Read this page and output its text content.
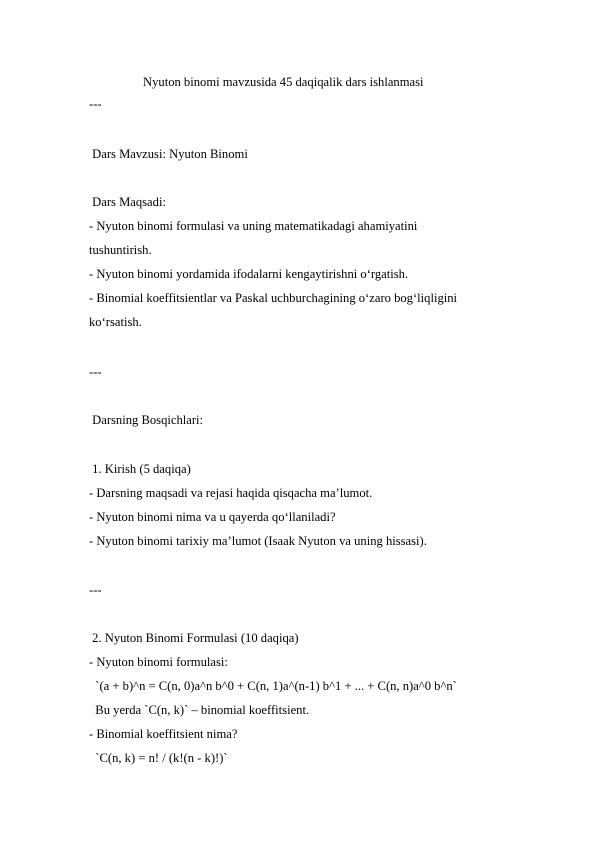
Nyuton binomi mavzusida 45 daqiqalik dars ishlanmasi
---
Dars Mavzusi: Nyuton Binomi
Dars Maqsadi:
- Nyuton binomi formulasi va uning matematikadagi ahamiyatini
tushuntirish.
- Nyuton binomi yordamida ifodalarni kengaytirishni o‘rgatish.
- Binomial koeffitsientlar va Paskal uchburchagining o‘zaro bog‘liqligini
ko‘rsatish.
---
Darsning Bosqichlari:
1. Kirish (5 daqiqa)
- Darsning maqsadi va rejasi haqida qisqacha ma’lumot.
- Nyuton binomi nima va u qayerda qo‘llaniladi?
- Nyuton binomi tarixiy ma’lumot (Isaak Nyuton va uning hissasi).
---
2. Nyuton Binomi Formulasi (10 daqiqa)
- Nyuton binomi formulasi:
`(a + b)^n = C(n, 0)a^n b^0 + C(n, 1)a^(n-1) b^1 + ... + C(n, n)a^0 b^n`
Bu yerda `C(n, k)` – binomial koeffitsient.
- Binomial koeffitsient nima?
`C(n, k) = n! / (k!(n - k)!)`
